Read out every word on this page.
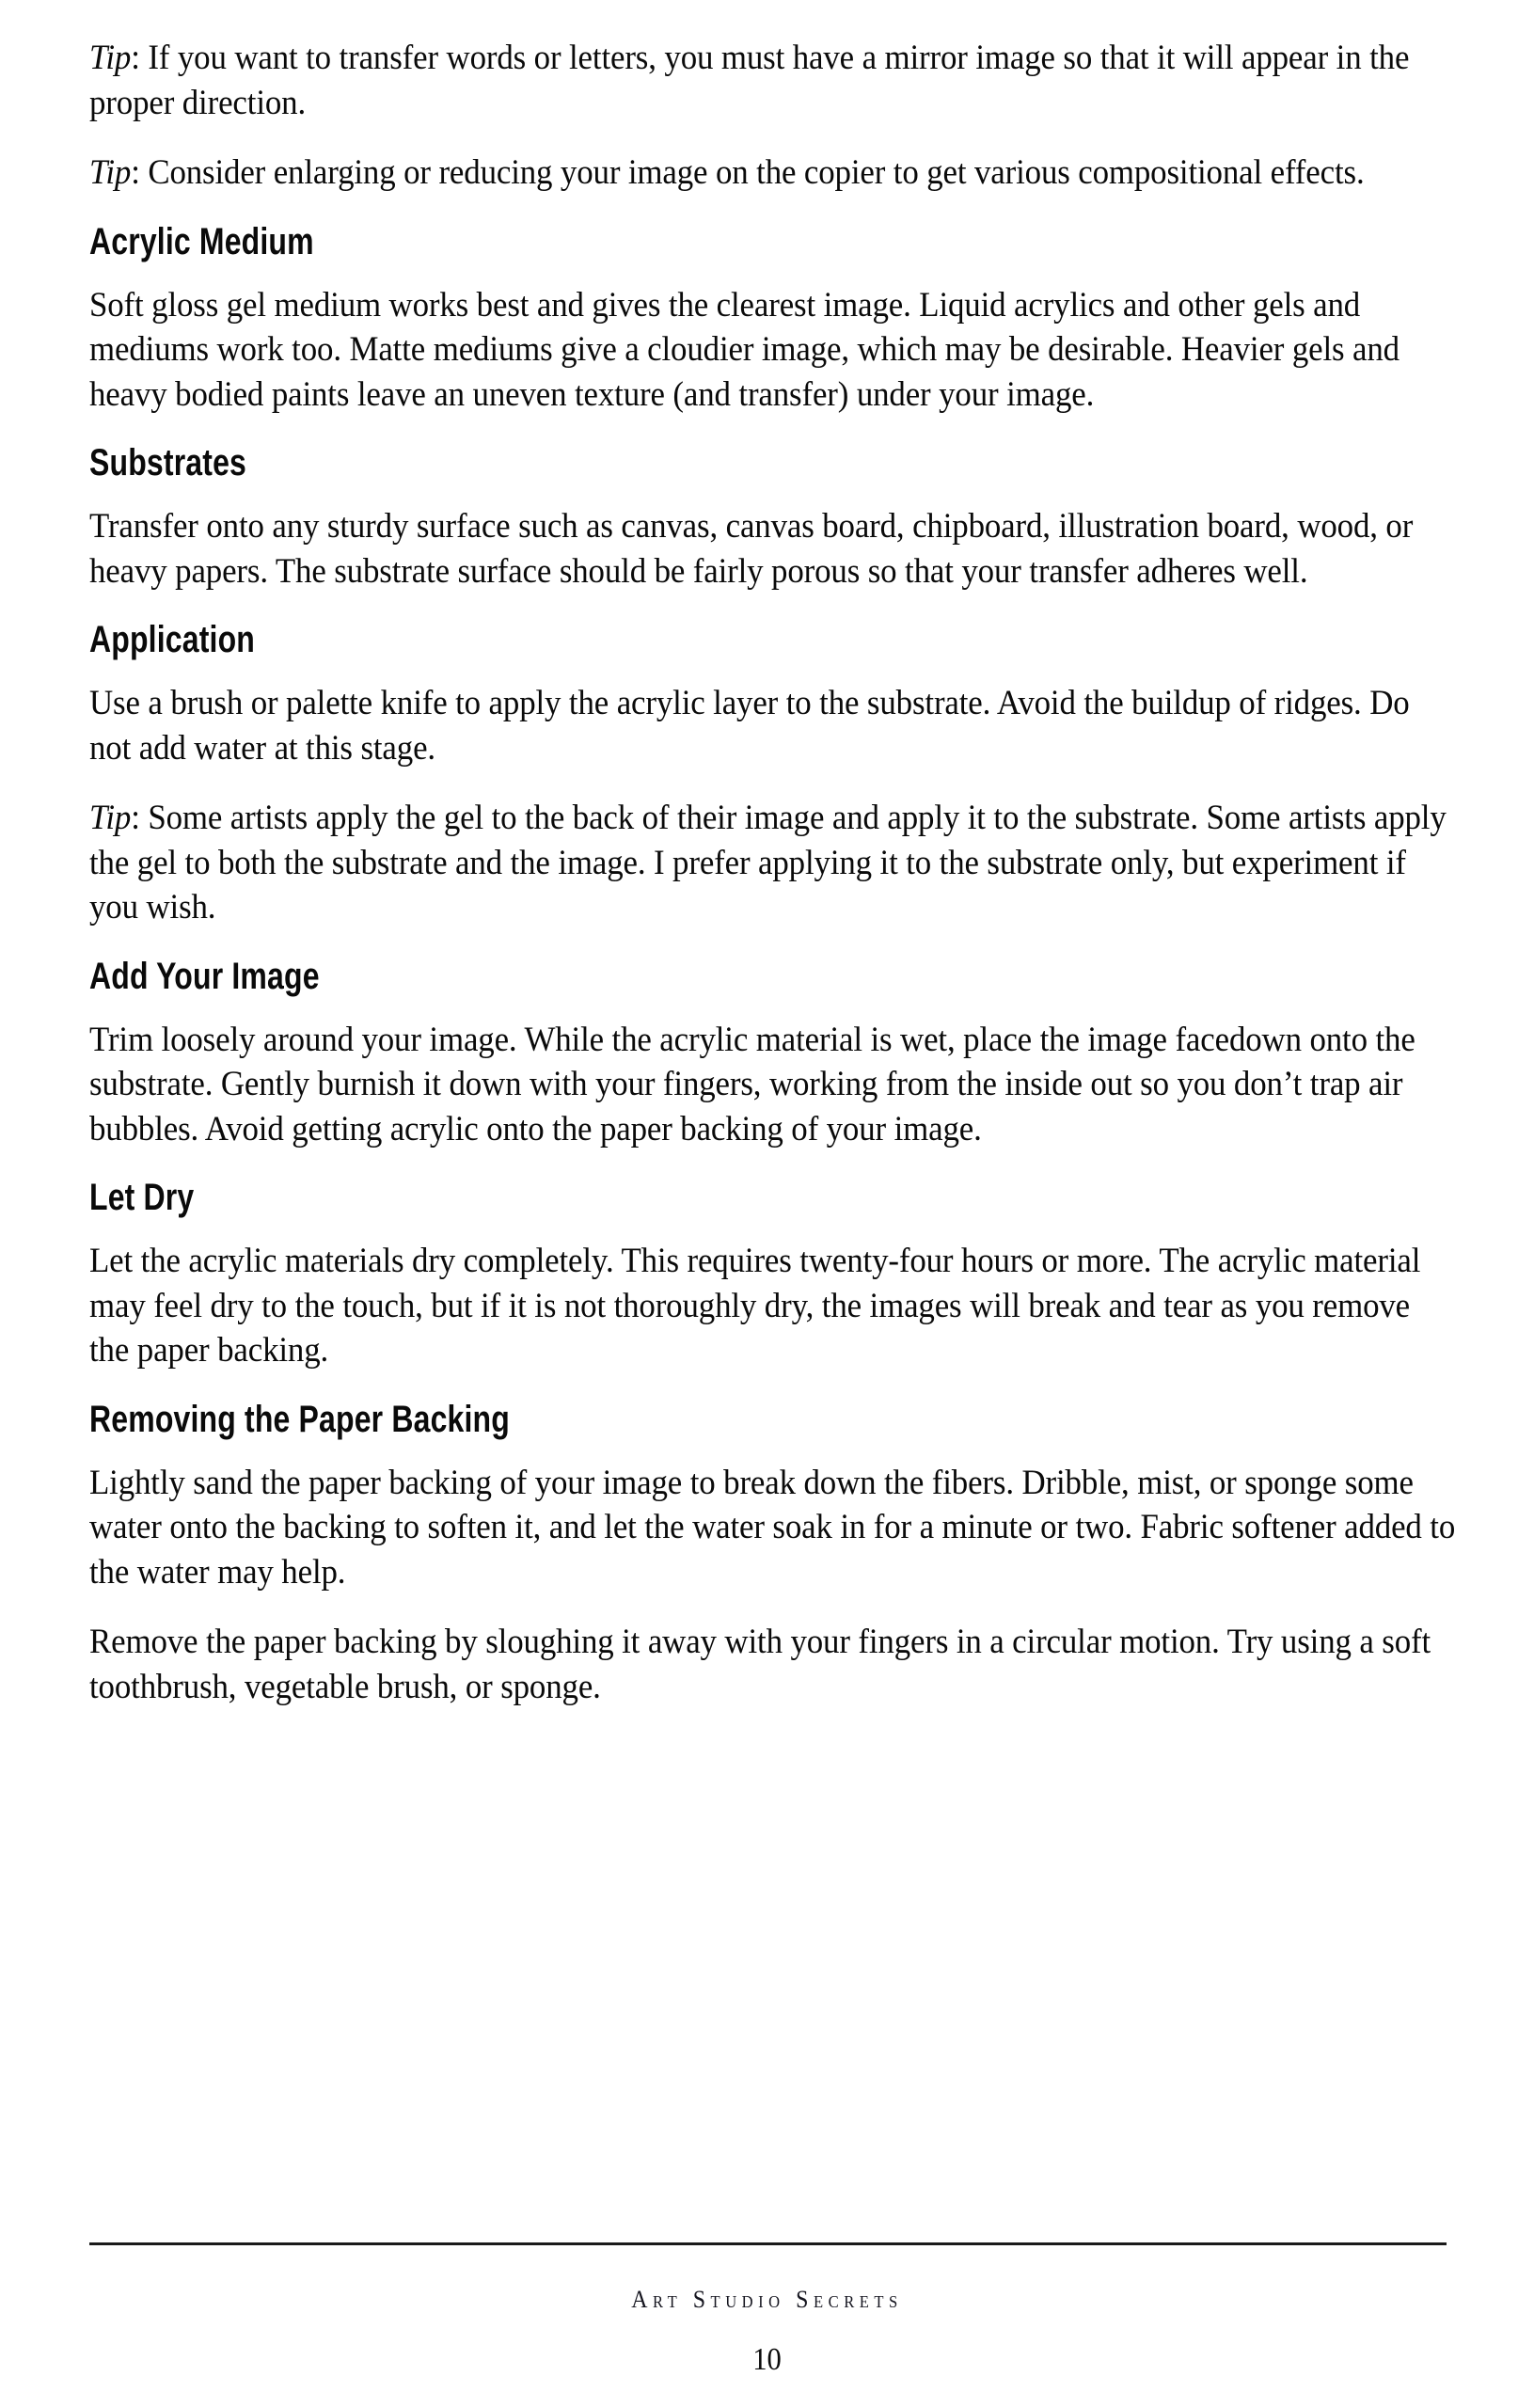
Tip: If you want to transfer words or letters, you must have a mirror image so that it will appear in the proper direction.

Tip: Consider enlarging or reducing your image on the copier to get various compositional effects.

Acrylic Medium

Soft gloss gel medium works best and gives the clearest image. Liquid acrylics and other gels and mediums work too. Matte mediums give a cloudier image, which may be desirable. Heavier gels and heavy bodied paints leave an uneven texture (and transfer) under your image.

Substrates

Transfer onto any sturdy surface such as canvas, canvas board, chipboard, illustration board, wood, or heavy papers. The substrate surface should be fairly porous so that your transfer adheres well.

Application

Use a brush or palette knife to apply the acrylic layer to the substrate. Avoid the buildup of ridges. Do not add water at this stage.

Tip: Some artists apply the gel to the back of their image and apply it to the substrate. Some artists apply the gel to both the substrate and the image. I prefer applying it to the substrate only, but experiment if you wish.

Add Your Image

Trim loosely around your image. While the acrylic material is wet, place the image facedown onto the substrate. Gently burnish it down with your fingers, working from the inside out so you don’t trap air bubbles. Avoid getting acrylic onto the paper backing of your image.

Let Dry

Let the acrylic materials dry completely. This requires twenty-four hours or more. The acrylic material may feel dry to the touch, but if it is not thoroughly dry, the images will break and tear as you remove the paper backing.

Removing the Paper Backing

Lightly sand the paper backing of your image to break down the fibers. Dribble, mist, or sponge some water onto the backing to soften it, and let the water soak in for a minute or two. Fabric softener added to the water may help.

Remove the paper backing by sloughing it away with your fingers in a circular motion. Try using a soft toothbrush, vegetable brush, or sponge.

Art Studio Secrets
10
